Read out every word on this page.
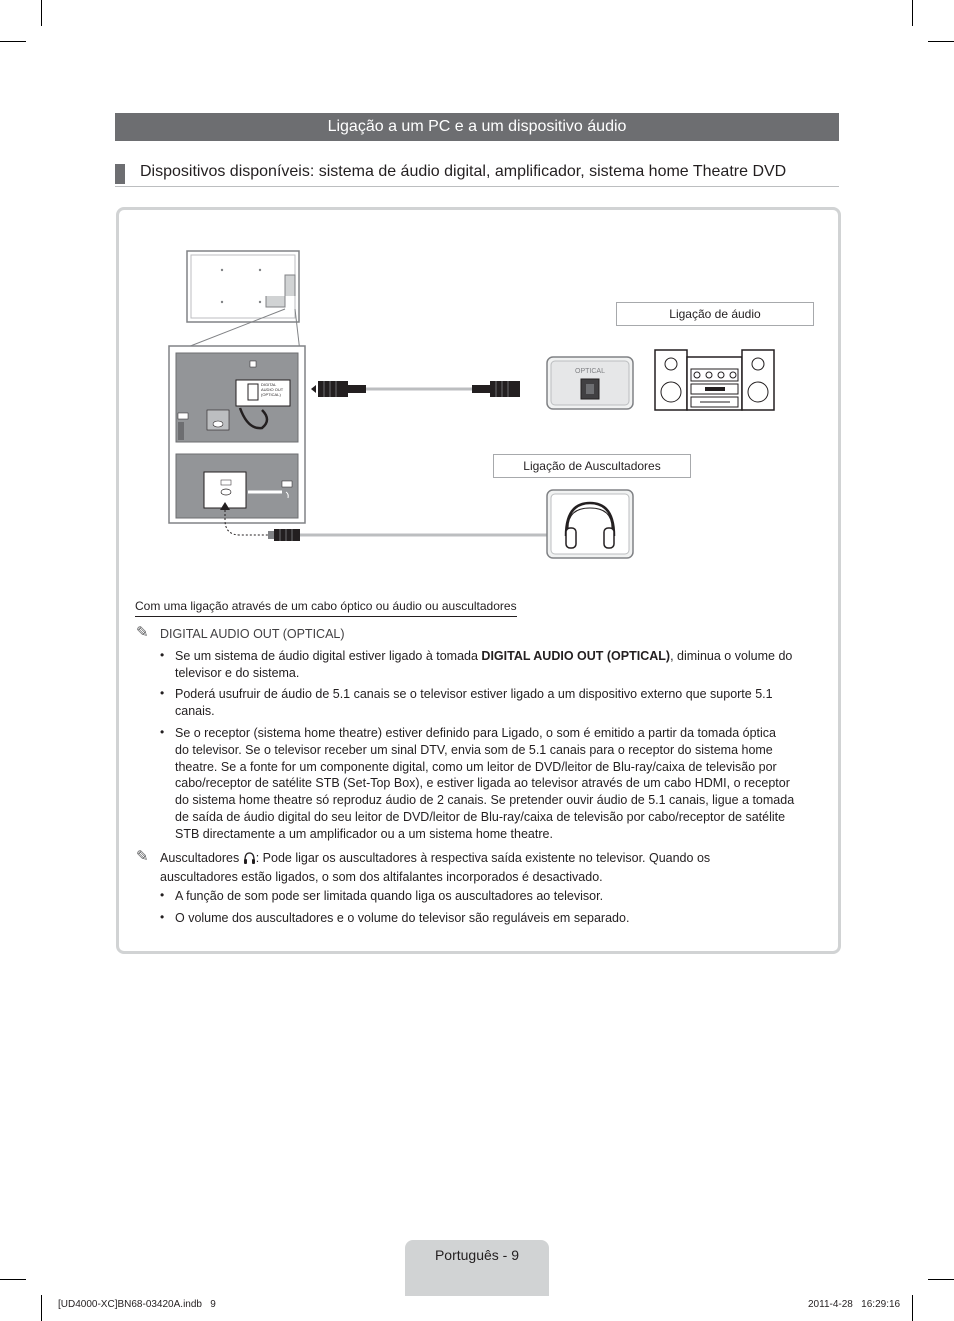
Ligação a um PC e a um dispositivo áudio
Dispositivos disponíveis: sistema de áudio digital, amplificador, sistema home Theatre DVD
DIGITAL
AUDIO OUT
(OPTICAL)
OPTICAL
Ligação de áudio
Ligação de Auscultadores
Com uma ligação através de um cabo óptico ou áudio ou auscultadores
✎ DIGITAL AUDIO OUT (OPTICAL)
• Se um sistema de áudio digital estiver ligado à tomada DIGITAL AUDIO OUT (OPTICAL), diminua o volume do
televisor e do sistema.
• Poderá usufruir de áudio de 5.1 canais se o televisor estiver ligado a um dispositivo externo que suporte 5.1
canais.
• Se o receptor (sistema home theatre) estiver definido para Ligado, o som é emitido a partir da tomada óptica
do televisor. Se o televisor receber um sinal DTV, envia som de 5.1 canais para o receptor do sistema home
theatre. Se a fonte for um componente digital, como um leitor de DVD/leitor de Blu-ray/caixa de televisão por
cabo/receptor de satélite STB (Set-Top Box), e estiver ligada ao televisor através de um cabo HDMI, o receptor
do sistema home theatre só reproduz áudio de 2 canais. Se pretender ouvir áudio de 5.1 canais, ligue a tomada
de saída de áudio digital do seu leitor de DVD/leitor de Blu-ray/caixa de televisão por cabo/receptor de satélite
STB directamente a um amplificador ou a um sistema home theatre.
✎ Auscultadores : Pode ligar os auscultadores à respectiva saída existente no televisor. Quando os
auscultadores estão ligados, o som dos altifalantes incorporados é desactivado.
• A função de som pode ser limitada quando liga os auscultadores ao televisor.
• O volume dos auscultadores e o volume do televisor são reguláveis em separado.
Português - 9
[UD4000-XC]BN68-03420A.indb   9	2011-4-28   16:29:16
